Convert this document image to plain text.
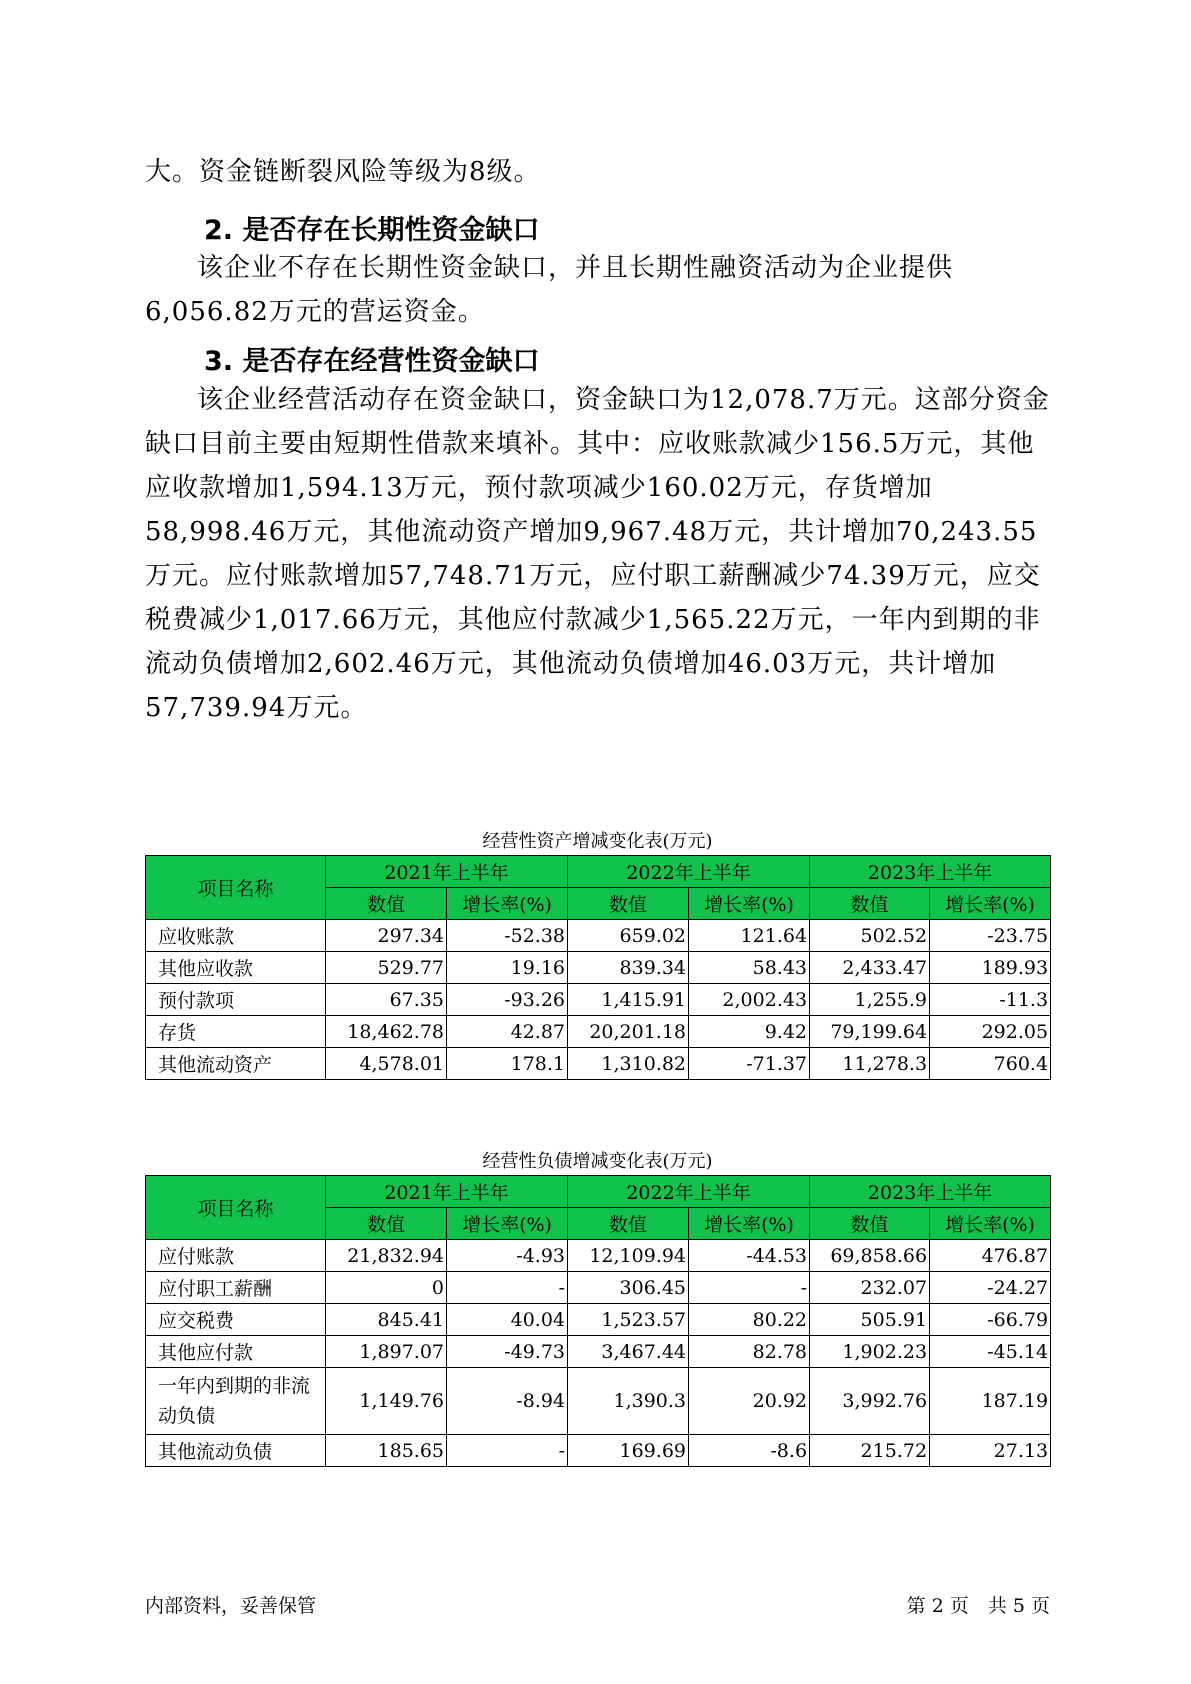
大。资金链断裂风险等级为8级。
2. 是否存在长期性资金缺口
该企业不存在长期性资金缺口，并且长期性融资活动为企业提供6,056.82万元的营运资金。
3. 是否存在经营性资金缺口
该企业经营活动存在资金缺口，资金缺口为12,078.7万元。这部分资金缺口目前主要由短期性借款来填补。其中：应收账款减少156.5万元，其他应收款增加1,594.13万元，预付款项减少160.02万元，存货增加58,998.46万元，其他流动资产增加9,967.48万元，共计增加70,243.55万元。应付账款增加57,748.71万元，应付职工薪酬减少74.39万元，应交税费减少1,017.66万元，其他应付款减少1,565.22万元，一年内到期的非流动负债增加2,602.46万元，其他流动负债增加46.03万元，共计增加57,739.94万元。
经营性资产增减变化表(万元)
项目名称	2021年上半年		2022年上半年		2023年上半年	
	数值	增长率(%)	数值	增长率(%)	数值	增长率(%)
应收账款	297.34	-52.38	659.02	121.64	502.52	-23.75
其他应收款	529.77	19.16	839.34	58.43	2,433.47	189.93
预付款项	67.35	-93.26	1,415.91	2,002.43	1,255.9	-11.3
存货	18,462.78	42.87	20,201.18	9.42	79,199.64	292.05
其他流动资产	4,578.01	178.1	1,310.82	-71.37	11,278.3	760.4
经营性负债增减变化表(万元)
项目名称	2021年上半年		2022年上半年		2023年上半年	
	数值	增长率(%)	数值	增长率(%)	数值	增长率(%)
应付账款	21,832.94	-4.93	12,109.94	-44.53	69,858.66	476.87
应付职工薪酬	0	-	306.45	-	232.07	-24.27
应交税费	845.41	40.04	1,523.57	80.22	505.91	-66.79
其他应付款	1,897.07	-49.73	3,467.44	82.78	1,902.23	-45.14
一年内到期的非流动负债	1,149.76	-8.94	1,390.3	20.92	3,992.76	187.19
其他流动负债	185.65	-	169.69	-8.6	215.72	27.13
内部资料，妥善保管	第 2 页　共 5 页
